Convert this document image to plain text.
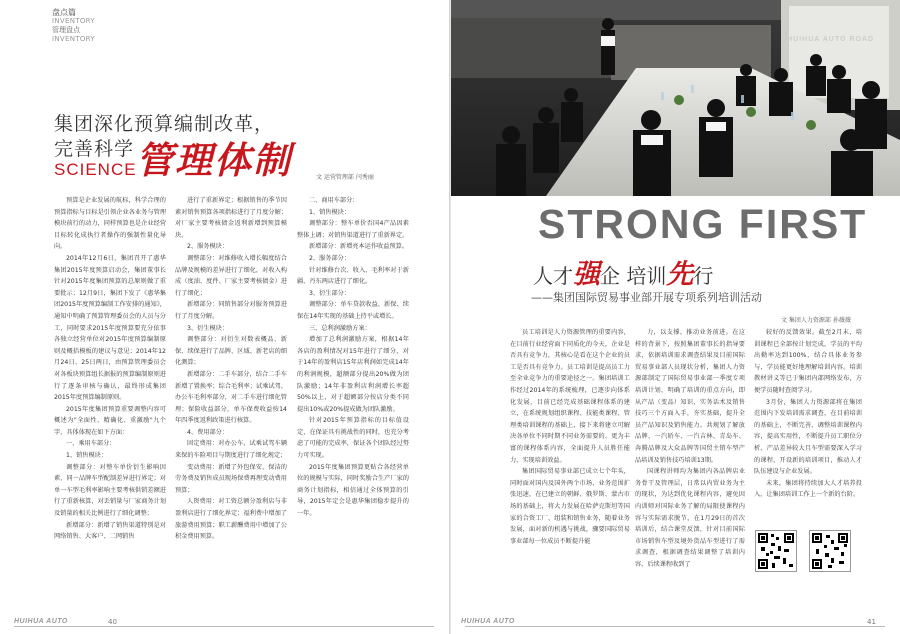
盘点篇
INVENTORY
管理盘点
INVENTORY
集团深化预算编制改革，
完善科学
SCIENCE 管理体制	文 运营管理部 闫秀丽

预算是企业发展的航标，科学合理的预算指标与目标是引领企业各业务与管理模块前行的动力，同样预算也是企业经营目标转化成执行者操作的强制性量化导向。

2014年12月6日，集团召开了惠华集团2015年度预算启动会，集团董事长针对2015年度集团预算的总原则做了重要批示；12月9日，集团下发了《惠华集团2015年度预算编制工作安排的通知》，通知中明确了预算管理委员会的人员与分工，同时要求2015年度预算要充分依事各独立经营单位对2015年度预算编制原则及概括模板的建议与意见；2014年12月24日、25日两日，由预算管理委员会对各板块预算组长据报的预算编制原则进行了逐条审核与确认，最终形成集团2015年度预算编制原则。

2015年度集团预算重要调整内容可概述为"全面性、精确化、重激励"九个字，具体体现在如下方面：

一、乘用车部分：

1、销售模块：

调整部分：对整车单价衍生影响因素、同一品牌车型配制差异进行界定；对单一车型毛利率影响主要考核供销差额进行了重新核算，对丢销量与厂家商务计划及销量的相关比例进行了细化调整；

新增部分：新增了销售渠道特别是对网络销售、大客户、二网销售

进行了重新界定；根据销售的季节因素对销售预算各项指标进行了月度分解；对厂家主要考核债金返利新增到预算模块。

2、服务模块：

调整部分：对维修收入增长幅度结合品牌及规模的差异进行了细化，对收入构成（度油、度件、厂家主要考核债金）进行了细化；

新增部分：同销售部分对服务预算进行了月度分解。

3、衍生模块：

调整部分：对衍生对数表概品、新保、续保进行了品牌、区域、新老店的细化测算；

新增部分：二手车部分，结合二手车新增了置换率；综合毛利率；试乘试驾、办公车毛利率部分，对二手车进行细化管理；保险收益部分，单车保费收益按14年四季度返利政策进行核算。

4、费用部分：

固定费用：对办公车、试乘试驾车辆来保的车险项目与期度进行了细化规定；

变动费用：新增了外包保安、保洁的劳务费及销售成员现场保费再理变动费用预算；

人资费用：对工资总额分盈利店与非盈利店进行了细化界定；福利费中增加了旅游费用预算；职工薪酬费用中增加了公积金费用预算。

二、商用车部分：

1、销售模块：

调整部分：整车单价否国4产品因素整体上调；对销售渠道进行了重新界定。

新增部分：新增亮本运作收益预算。

2、服务部分：

针对维修台次、收入、毛利率对于新疆、丹东两店进行了细化。

3、衍生部分：

调整部分：单车贷款收益、新保、续保在14年实现的基础上持平或增长。

三、总利润激励方案：

增加了总利润激励方案，根据14年各店的盈利情况对15年进行了细分，对于14年的盈利店15年店利润如完成14年的利润规模，超额部分提出20%做为团队激励；14年非盈利店利润增长率超50%以上，对于超额部分按店分类不同提出10%或20%提成做为团队激励。

针对2015年预算指标的目标值设定，在保证具有挑战性的同时，也充分考虑了可能的完成率，保证各个团队经过努力可实现。

2015年度集团预算更贴合各经营单位的规模与实际，同时奖励合生产厂家的商务计划指标，相信通过全体预算的引导，2015年定会是惠华集团稳步提升的一年。

HUIHUA AUTO	40
HUIHUA AUTO ROAD
STRONG FIRST
人才强企 培训先行
——集团国际贸易事业部开展专项系列培训活动
文 集团人力资源部 孙薇薇

员工培训是人力资源管理的重要内容，在目前行业经营面下同质化的今天，企业是否具有竞争力，其核心是看在这个企业的员工是否具有竞争力。员工培训是提高员工力至全业竞争力的重要途径之一。集团培训工作经过2014年的系统梳理，已逐步向体系化发展，目前已经完成基础课程体系的建立，在系统规划组织课程、技能类课程、管理类培训课程的基础上，接下来将建立可解决各单位不同时期不同业务需要的、更为丰富的课程体系内容，全面提升人员胜任能力，实现培训效益。

集团国际贸易事业部已成立七个年头，同时面对国内及国外两个市场，业务范围扩张迅速，在已建立的朝鲜、俄罗斯、蒙古市场的基础上，将大力发展在哈萨克斯坦等国家的合资工厂、组装和销售业务，随着业务发展，面对新的机遇与挑战，骤要国际贸易事业部每一位成员不断提升能

力，以支撑、推动业务前进。在这样的背景下，按照集团董事长的指导要求，依据培训需求调查结果及目前国际贸易事业部人员现状分析，集团人力资源部制定了国际贸易事业部一季度专项培训计划，明确了培训的重点方向，即从产品（变品）知识、实务话术及销售技巧三个方面入手，夯实基础，提升全员产品知识及销售能力。共规划了解放品牌、一汽轿车、一汽吉林、青岛车、奔腾品牌及大众品牌等国贸主销车型产品培训及销售技巧培训13期。

国课程讲师均为集团内各品牌店业务骨干及管理层，日常以内贸业务为主的现状，为达到优化课程内容，避免因内训师对国际业务了解的局限使课程内容与实际需求脱节，在1月29日的首次培训后，结合课堂反馈，针对目前国际市场销售车型及境外货品车型进行了需求调查，根据调查结果调整了培训内容，后续课程收到了

较好的反馈效果。截至2月末，培训课程已全部按计划完成，学员的平均出勤率达到100%，结合具体业务参与，学员能更好地理解培训内容。培训教材讲义等已于集团内部网络发布，方便学员随时查阅学习。

3月份，集团人力资源部将在集团范围内下发培训需求调查，在目前培训的基础上，不断完善、调整培训课程内容，提高实用性，不断提升员工职位分析、产品差异较大且车型需要深入学习的课程，开设新的培训项目，推动人才队伍建设与企业发展。

未来，集团将持续加大人才培养投入，让集团培训工作上一个新的台阶。

HUIHUA AUTO	41
